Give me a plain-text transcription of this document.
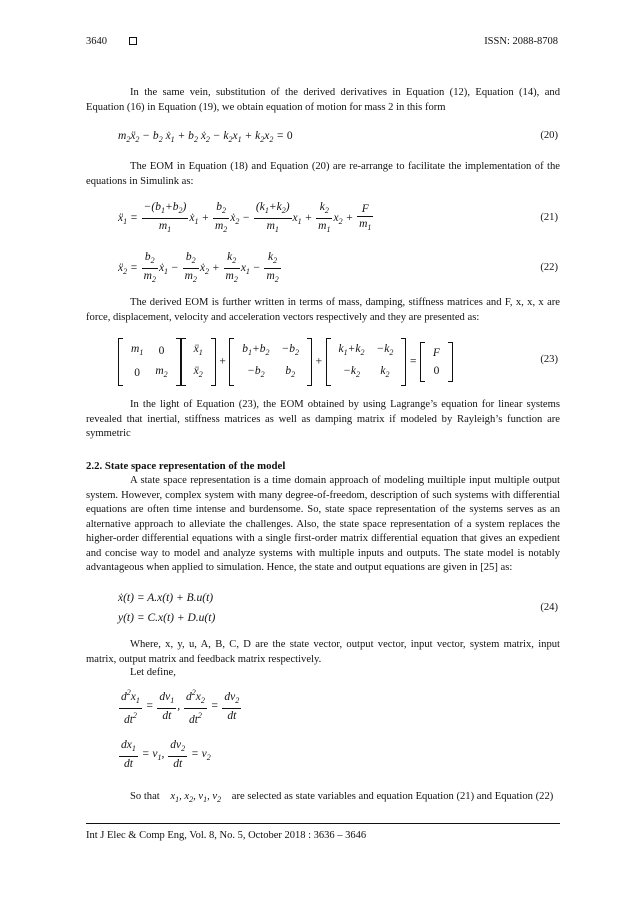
3640	ISSN: 2088-8708

In the same vein, substitution of the derived derivatives in Equation (12), Equation (14), and Equation (16) in Equation (19), we obtain equation of motion for mass 2 in this form

$m_2ẍ_2 - b_2$ $ẋ_1 + b_2$ $ẋ_2 - k_2x_1 + k_2x_2 = 0$	(20)

The EOM in Equation (18) and Equation (20) are re-arrange to facilitate the implementation of the equations in Simulink as:

$ẍ_1 = \frac{-(b_1+b_2)}{m_1}$ $ẋ_1 + \frac{b_2}{m_2}$ $ẋ_2 - \frac{(k_1+k_2)}{m_1} x_1 + \frac{k_2}{m_1} x_2 + \frac{F}{m_1}$	(21)
$ẍ_2 = \frac{b_2}{m_2}$ $ẋ_1 - \frac{b_2}{m_2}$ $ẋ_2 + \frac{k_2}{m_2} x_1 - \frac{k_2}{m_2}$	(22)

The derived EOM is further written in terms of mass, damping, stiffness matrices and F, x, x, x are force, displacement, velocity and acceleration vectors respectively and they are presented as:

$m_1$	0
0	$m_2$
$ẍ_1$
$ẍ_2$
+
$b_1+b_2$	$-b_2$
$-b_2$	$b_2$
+
$k_1+k_2$	$-k_2$
$-k_2$	$k_2$
=
F
0
(23)

In the light of Equation (23), the EOM obtained by using Lagrange’s equation for linear systems revealed that inertial, stiffness matrices as well as damping matrix if modeled by Rayleigh’s function are symmetric

2.2. State space representation of the model

A state space representation is a time domain approach of modeling muiltiple input multiple output system. However, complex system with many degree-of-freedom, description of such systems with differential equations are often time intense and burdensome. So, state space representation of the systems serves as an alternative approach to alleviate the challenges. Also, the state space representation of a system replaces the higher-order differential equations with a single first-order matrix differential equation that gives an expedient and concise way to model and analyze systems with multiple inputs and outputs. The state model is notably advantageous when applied to simulation. Hence, the state and output equations are given in [25] as:

ẋ(t) = A.x(t) + B.u(t)
y(t) = C.x(t) + D.u(t)
(24)

Where, x, y, u, A, B, C, D are the state vector, output vector, input vector, system matrix, input matrix, output matrix and feedback matrix respectively.

Let define,

$\frac{d^2x_1}{dt^2} = \frac{dv_1}{dt}$ , $\frac{d^2x_2}{dt^2} = \frac{dv_2}{dt}$
$\frac{dx_1}{dt} = v_1$, $\frac{dv_2}{dt} = v_2$
So that $x_1$, $x_2$, $v_1$, $v_2$ are selected as state variables and equation Equation (21) and Equation (22)
Int J Elec & Comp Eng, Vol. 8, No. 5, October 2018 : 3636 – 3646
